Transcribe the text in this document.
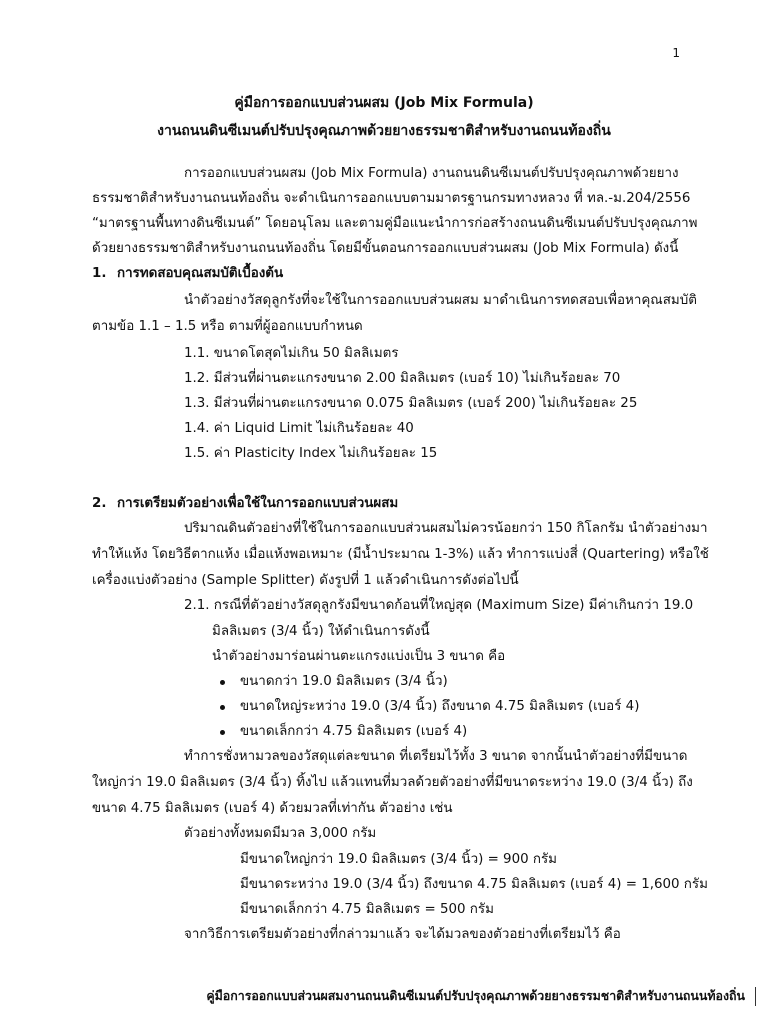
1
คู่มือการออกแบบส่วนผสม (Job Mix Formula)
งานถนนดินซีเมนต์ปรับปรุงคุณภาพด้วยยางธรรมชาติสำหรับงานถนนท้องถิ่น
การออกแบบส่วนผสม (Job Mix Formula) งานถนนดินซีเมนต์ปรับปรุงคุณภาพด้วยยาง
ธรรมชาติสำหรับงานถนนท้องถิ่น จะดำเนินการออกแบบตามมาตรฐานกรมทางหลวง ที่ ทล.-ม.204/2556
“มาตรฐานพื้นทางดินซีเมนต์” โดยอนุโลม และตามคู่มือแนะนำการก่อสร้างถนนดินซีเมนต์ปรับปรุงคุณภาพ
ด้วยยางธรรมชาติสำหรับงานถนนท้องถิ่น โดยมีขั้นตอนการออกแบบส่วนผสม (Job Mix Formula) ดังนี้
1. การทดสอบคุณสมบัติเบื้องต้น
นำตัวอย่างวัสดุลูกรังที่จะใช้ในการออกแบบส่วนผสม มาดำเนินการทดสอบเพื่อหาคุณสมบัติ
ตามข้อ 1.1 – 1.5 หรือ ตามที่ผู้ออกแบบกำหนด
1.1. ขนาดโตสุดไม่เกิน 50 มิลลิเมตร
1.2. มีส่วนที่ผ่านตะแกรงขนาด 2.00 มิลลิเมตร (เบอร์ 10) ไม่เกินร้อยละ 70
1.3. มีส่วนที่ผ่านตะแกรงขนาด 0.075 มิลลิเมตร (เบอร์ 200) ไม่เกินร้อยละ 25
1.4. ค่า Liquid Limit ไม่เกินร้อยละ 40
1.5. ค่า Plasticity Index ไม่เกินร้อยละ 15
2. การเตรียมตัวอย่างเพื่อใช้ในการออกแบบส่วนผสม
ปริมาณดินตัวอย่างที่ใช้ในการออกแบบส่วนผสมไม่ควรน้อยกว่า 150 กิโลกรัม นำตัวอย่างมา
ทำให้แห้ง โดยวิธีตากแห้ง เมื่อแห้งพอเหมาะ (มีน้ำประมาณ 1-3%) แล้ว ทำการแบ่งสี่ (Quartering) หรือใช้
เครื่องแบ่งตัวอย่าง (Sample Splitter) ดังรูปที่ 1 แล้วดำเนินการดังต่อไปนี้
2.1. กรณีที่ตัวอย่างวัสดุลูกรังมีขนาดก้อนที่ใหญ่สุด (Maximum Size) มีค่าเกินกว่า 19.0
มิลลิเมตร (3/4 นิ้ว) ให้ดำเนินการดังนี้
นำตัวอย่างมาร่อนผ่านตะแกรงแบ่งเป็น 3 ขนาด คือ
ขนาดกว่า 19.0 มิลลิเมตร (3/4 นิ้ว)
ขนาดใหญ่ระหว่าง 19.0 (3/4 นิ้ว) ถึงขนาด 4.75 มิลลิเมตร (เบอร์ 4)
ขนาดเล็กกว่า 4.75 มิลลิเมตร (เบอร์ 4)
ทำการชั่งหามวลของวัสดุแต่ละขนาด ที่เตรียมไว้ทั้ง 3 ขนาด จากนั้นนำตัวอย่างที่มีขนาด
ใหญ่กว่า 19.0 มิลลิเมตร (3/4 นิ้ว) ทิ้งไป แล้วแทนที่มวลด้วยตัวอย่างที่มีขนาดระหว่าง 19.0 (3/4 นิ้ว) ถึง
ขนาด 4.75 มิลลิเมตร (เบอร์ 4) ด้วยมวลที่เท่ากัน ตัวอย่าง เช่น
ตัวอย่างทั้งหมดมีมวล 3,000 กรัม
มีขนาดใหญ่กว่า 19.0 มิลลิเมตร (3/4 นิ้ว) = 900 กรัม
มีขนาดระหว่าง 19.0 (3/4 นิ้ว) ถึงขนาด 4.75 มิลลิเมตร (เบอร์ 4) = 1,600 กรัม
มีขนาดเล็กกว่า 4.75 มิลลิเมตร = 500 กรัม
จากวิธีการเตรียมตัวอย่างที่กล่าวมาแล้ว จะได้มวลของตัวอย่างที่เตรียมไว้ คือ
คู่มือการออกแบบส่วนผสมงานถนนดินซีเมนต์ปรับปรุงคุณภาพด้วยยางธรรมชาติสำหรับงานถนนท้องถิ่น
